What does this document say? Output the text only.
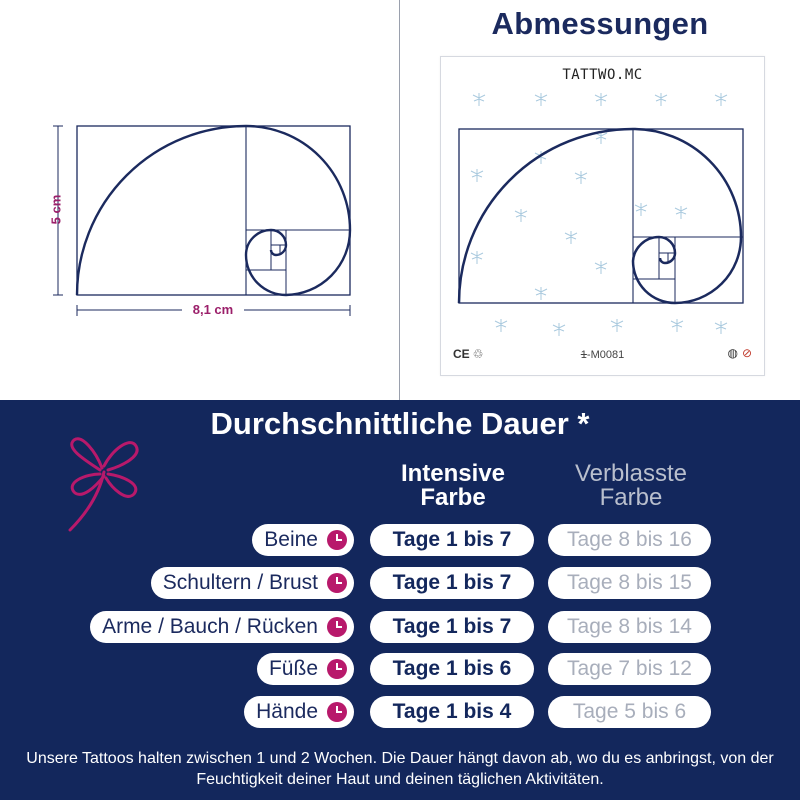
5 cm
8,1 cm
Abmessungen
TATTWO.MC
CE ♲	1-M0081	◍ ⊘
Durchschnittliche Dauer *
Intensive
Farbe
Verblasste
Farbe
Beine	Tage 1 bis 7	Tage 8 bis 16
Schultern / Brust	Tage 1 bis 7	Tage 8 bis 15
Arme / Bauch / Rücken	Tage 1 bis 7	Tage 8 bis 14
Füße	Tage 1 bis 6	Tage 7 bis 12
Hände	Tage 1 bis 4	Tage 5 bis 6
Unsere Tattoos halten zwischen 1 und 2 Wochen. Die Dauer hängt davon ab, wo du es anbringst, von der Feuchtigkeit deiner Haut und deinen täglichen Aktivitäten.
